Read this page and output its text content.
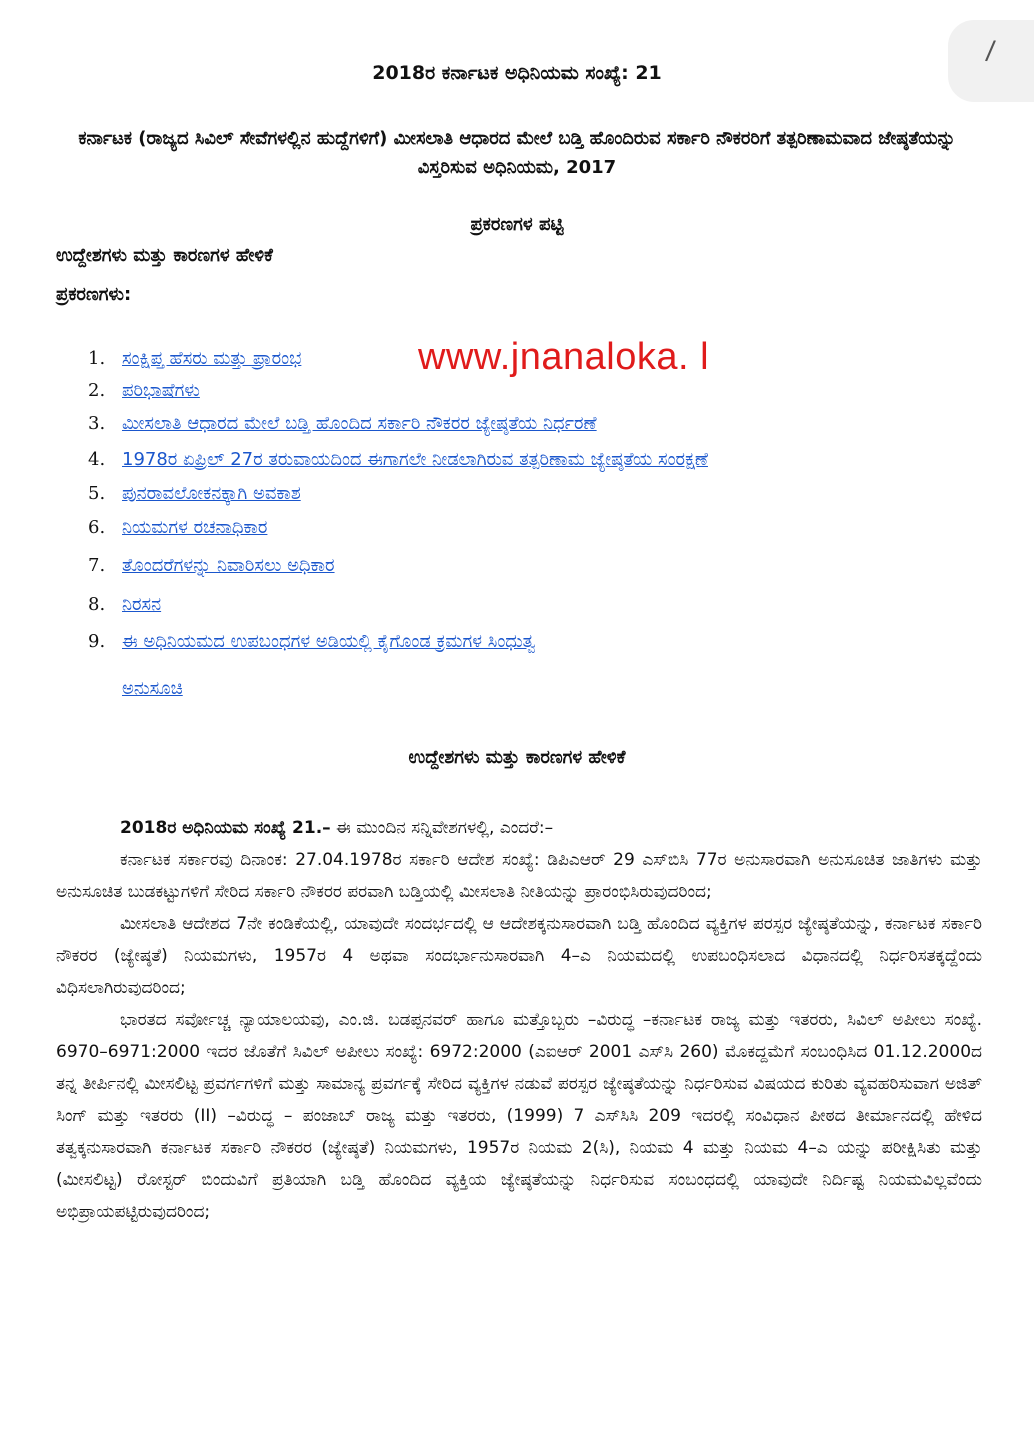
/
2018ರ ಕರ್ನಾಟಕ ಅಧಿನಿಯಮ ಸಂಖ್ಯೆ: 21
ಕರ್ನಾಟಕ (ರಾಜ್ಯದ ಸಿವಿಲ್ ಸೇವೆಗಳಲ್ಲಿನ ಹುದ್ದೆಗಳಿಗೆ) ಮೀಸಲಾತಿ ಆಧಾರದ ಮೇಲೆ ಬಡ್ತಿ ಹೊಂದಿರುವ ಸರ್ಕಾರಿ ನೌಕರರಿಗೆ ತತ್ಪರಿಣಾಮವಾದ ಜೇಷ್ಠತೆಯನ್ನು ವಿಸ್ತರಿಸುವ ಅಧಿನಿಯಮ, 2017
ಪ್ರಕರಣಗಳ ಪಟ್ಟಿ
ಉದ್ದೇಶಗಳು ಮತ್ತು ಕಾರಣಗಳ ಹೇಳಿಕೆ
ಪ್ರಕರಣಗಳು:
1. ಸಂಕ್ಷಿಪ್ತ ಹೆಸರು ಮತ್ತು ಪ್ರಾರಂಭ
2. ಪರಿಭಾಷೆಗಳು
3. ಮೀಸಲಾತಿ ಆಧಾರದ ಮೇಲೆ ಬಡ್ತಿ ಹೊಂದಿದ ಸರ್ಕಾರಿ ನೌಕರರ ಜ್ಯೇಷ್ಠತೆಯ ನಿರ್ಧರಣೆ
4. 1978ರ ಏಪ್ರಿಲ್ 27ರ ತರುವಾಯದಿಂದ ಈಗಾಗಲೇ ನೀಡಲಾಗಿರುವ ತತ್ಪರಿಣಾಮ ಜ್ಯೇಷ್ಠತೆಯ ಸಂರಕ್ಷಣೆ
5. ಪುನರಾವಲೋಕನಕ್ಕಾಗಿ ಅವಕಾಶ
6. ನಿಯಮಗಳ ರಚನಾಧಿಕಾರ
7. ತೊಂದರೆಗಳನ್ನು ನಿವಾರಿಸಲು ಅಧಿಕಾರ
8. ನಿರಸನ
9. ಈ ಅಧಿನಿಯಮದ ಉಪಬಂಧಗಳ ಅಡಿಯಲ್ಲಿ ಕೈಗೊಂಡ ಕ್ರಮಗಳ ಸಿಂಧುತ್ವ
ಅನುಸೂಚಿ
www.jnanaloka. l
ಉದ್ದೇಶಗಳು ಮತ್ತು ಕಾರಣಗಳ ಹೇಳಿಕೆ

2018ರ ಅಧಿನಿಯಮ ಸಂಖ್ಯೆ 21.– ಈ ಮುಂದಿನ ಸನ್ನಿವೇಶಗಳಲ್ಲಿ, ಎಂದರೆ:–

ಕರ್ನಾಟಕ ಸರ್ಕಾರವು ದಿನಾಂಕ: 27.04.1978ರ ಸರ್ಕಾರಿ ಆದೇಶ ಸಂಖ್ಯೆ: ಡಿಪಿಎಆರ್ 29 ಎಸ್‌ಬಿಸಿ 77ರ ಅನುಸಾರವಾಗಿ ಅನುಸೂಚಿತ ಜಾತಿಗಳು ಮತ್ತು ಅನುಸೂಚಿತ ಬುಡಕಟ್ಟುಗಳಿಗೆ ಸೇರಿದ ಸರ್ಕಾರಿ ನೌಕರರ ಪರವಾಗಿ ಬಡ್ತಿಯಲ್ಲಿ ಮೀಸಲಾತಿ ನೀತಿಯನ್ನು ಪ್ರಾರಂಭಿಸಿರುವುದರಿಂದ;

ಮೀಸಲಾತಿ ಆದೇಶದ 7ನೇ ಕಂಡಿಕೆಯಲ್ಲಿ, ಯಾವುದೇ ಸಂದರ್ಭದಲ್ಲಿ ಆ ಆದೇಶಕ್ಕನುಸಾರವಾಗಿ ಬಡ್ತಿ ಹೊಂದಿದ ವ್ಯಕ್ತಿಗಳ ಪರಸ್ಪರ ಜ್ಯೇಷ್ಠತೆಯನ್ನು, ಕರ್ನಾಟಕ ಸರ್ಕಾರಿ ನೌಕರರ (ಜ್ಯೇಷ್ಠತೆ) ನಿಯಮಗಳು, 1957ರ 4 ಅಥವಾ ಸಂದರ್ಭಾನುಸಾರವಾಗಿ 4–ಎ ನಿಯಮದಲ್ಲಿ ಉಪಬಂಧಿಸಲಾದ ವಿಧಾನದಲ್ಲಿ ನಿರ್ಧರಿಸತಕ್ಕದ್ದೆಂದು ವಿಧಿಸಲಾಗಿರುವುದರಿಂದ;

ಭಾರತದ ಸರ್ವೋಚ್ಚ ನ್ಯಾಯಾಲಯವು, ಎಂ.ಜಿ. ಬಡಪ್ಪನವರ್ ಹಾಗೂ ಮತ್ತೊಬ್ಬರು –ವಿರುದ್ಧ –ಕರ್ನಾಟಕ ರಾಜ್ಯ ಮತ್ತು ಇತರರು, ಸಿವಿಲ್ ಅಪೀಲು ಸಂಖ್ಯೆ. 6970–6971:2000 ಇದರ ಜೊತೆಗೆ ಸಿವಿಲ್ ಅಪೀಲು ಸಂಖ್ಯೆ: 6972:2000 (ಎಐಆರ್ 2001 ಎಸ್‌ಸಿ 260) ಮೊಕದ್ದಮೆಗೆ ಸಂಬಂಧಿಸಿದ 01.12.2000ದ ತನ್ನ ತೀರ್ಪಿನಲ್ಲಿ ಮೀಸಲಿಟ್ಟ ಪ್ರವರ್ಗಗಳಿಗೆ ಮತ್ತು ಸಾಮಾನ್ಯ ಪ್ರವರ್ಗಕ್ಕೆ ಸೇರಿದ ವ್ಯಕ್ತಿಗಳ ನಡುವೆ ಪರಸ್ಪರ ಜ್ಯೇಷ್ಠತೆಯನ್ನು ನಿರ್ಧರಿಸುವ ವಿಷಯದ ಕುರಿತು ವ್ಯವಹರಿಸುವಾಗ ಅಜಿತ್ ಸಿಂಗ್ ಮತ್ತು ಇತರರು (II) –ವಿರುದ್ಧ – ಪಂಜಾಬ್ ರಾಜ್ಯ ಮತ್ತು ಇತರರು, (1999) 7 ಎಸ್‌ಸಿಸಿ 209 ಇದರಲ್ಲಿ ಸಂವಿಧಾನ ಪೀಠದ ತೀರ್ಮಾನದಲ್ಲಿ ಹೇಳಿದ ತತ್ವಕ್ಕನುಸಾರವಾಗಿ ಕರ್ನಾಟಕ ಸರ್ಕಾರಿ ನೌಕರರ (ಜ್ಯೇಷ್ಠತೆ) ನಿಯಮಗಳು, 1957ರ ನಿಯಮ 2(ಸಿ), ನಿಯಮ 4 ಮತ್ತು ನಿಯಮ 4–ಎ ಯನ್ನು ಪರೀಕ್ಷಿಸಿತು ಮತ್ತು (ಮೀಸಲಿಟ್ಟ) ರೋಸ್ಟರ್ ಬಿಂದುವಿಗೆ ಪ್ರತಿಯಾಗಿ ಬಡ್ತಿ ಹೊಂದಿದ ವ್ಯಕ್ತಿಯ ಜ್ಯೇಷ್ಠತೆಯನ್ನು ನಿರ್ಧರಿಸುವ ಸಂಬಂಧದಲ್ಲಿ ಯಾವುದೇ ನಿರ್ದಿಷ್ಟ ನಿಯಮವಿಲ್ಲವೆಂದು ಅಭಿಪ್ರಾಯಪಟ್ಟಿರುವುದರಿಂದ;
